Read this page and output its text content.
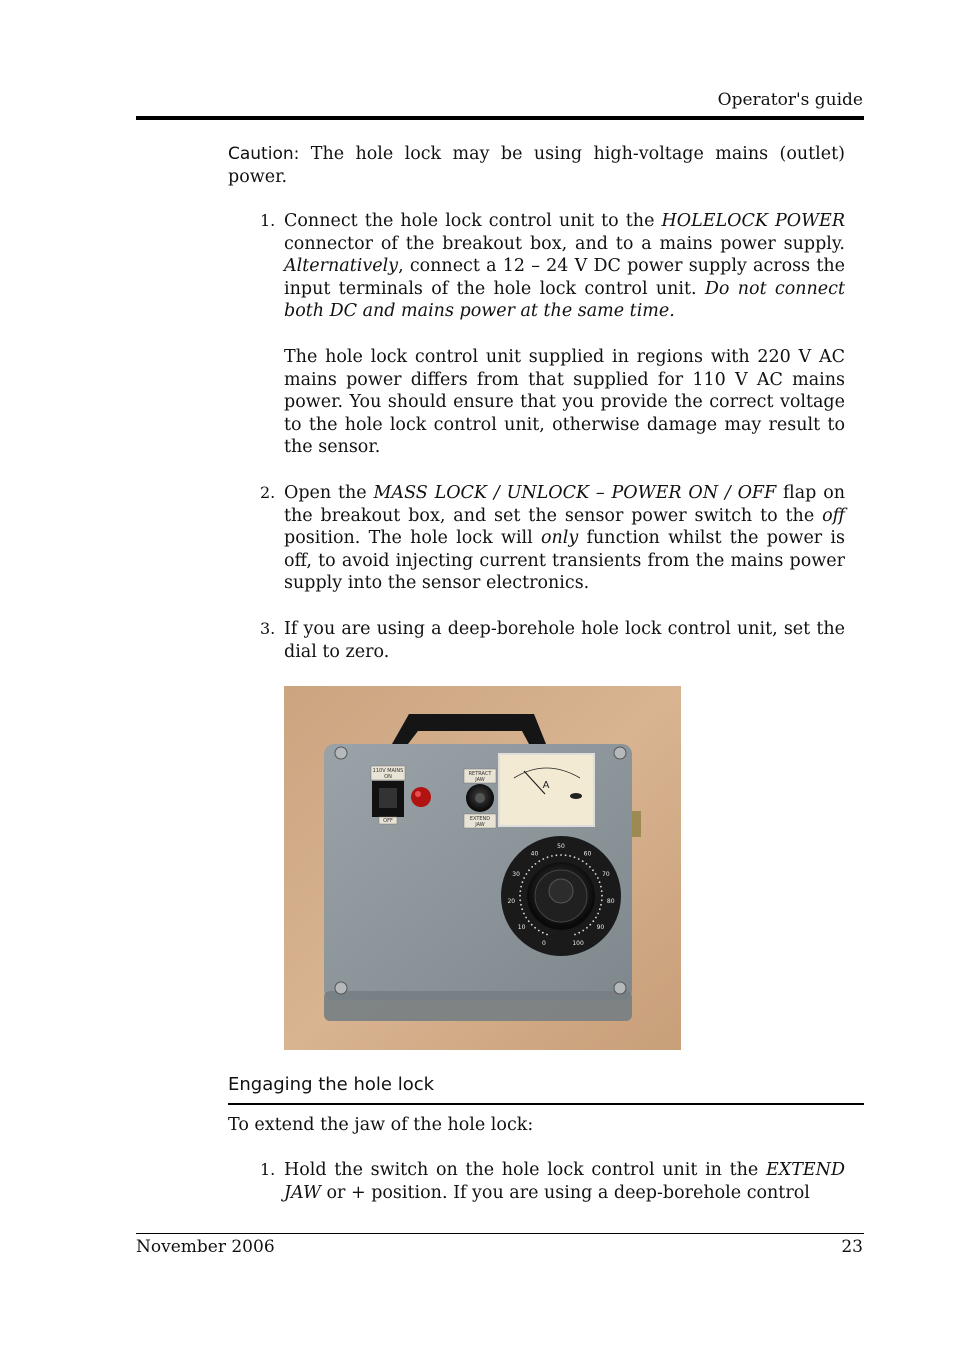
Operator's guide
Caution: The hole lock may be using high-voltage mains (outlet) power.
1. Connect the hole lock control unit to the HOLELOCK POWER connector of the breakout box, and to a mains power supply. Alternatively, connect a 12 – 24 V DC power supply across the input terminals of the hole lock control unit. Do not connect both DC and mains power at the same time.
The hole lock control unit supplied in regions with 220 V AC mains power differs from that supplied for 110 V AC mains power. You should ensure that you provide the correct voltage to the hole lock control unit, otherwise damage may result to the sensor.
2. Open the MASS LOCK / UNLOCK – POWER ON / OFF flap on the breakout box, and set the sensor power switch to the off position. The hole lock will only function whilst the power is off, to avoid injecting current transients from the mains power supply into the sensor electronics.
3. If you are using a deep-borehole hole lock control unit, set the dial to zero.
110V MAINS
ON
OFF
RETRACT
JAW
EXTEND
JAW
A
0
10
20
30
40
50
60
70
80
90
100
Engaging the hole lock
To extend the jaw of the hole lock:
1. Hold the switch on the hole lock control unit in the EXTEND JAW or + position. If you are using a deep-borehole control
November 2006	23
